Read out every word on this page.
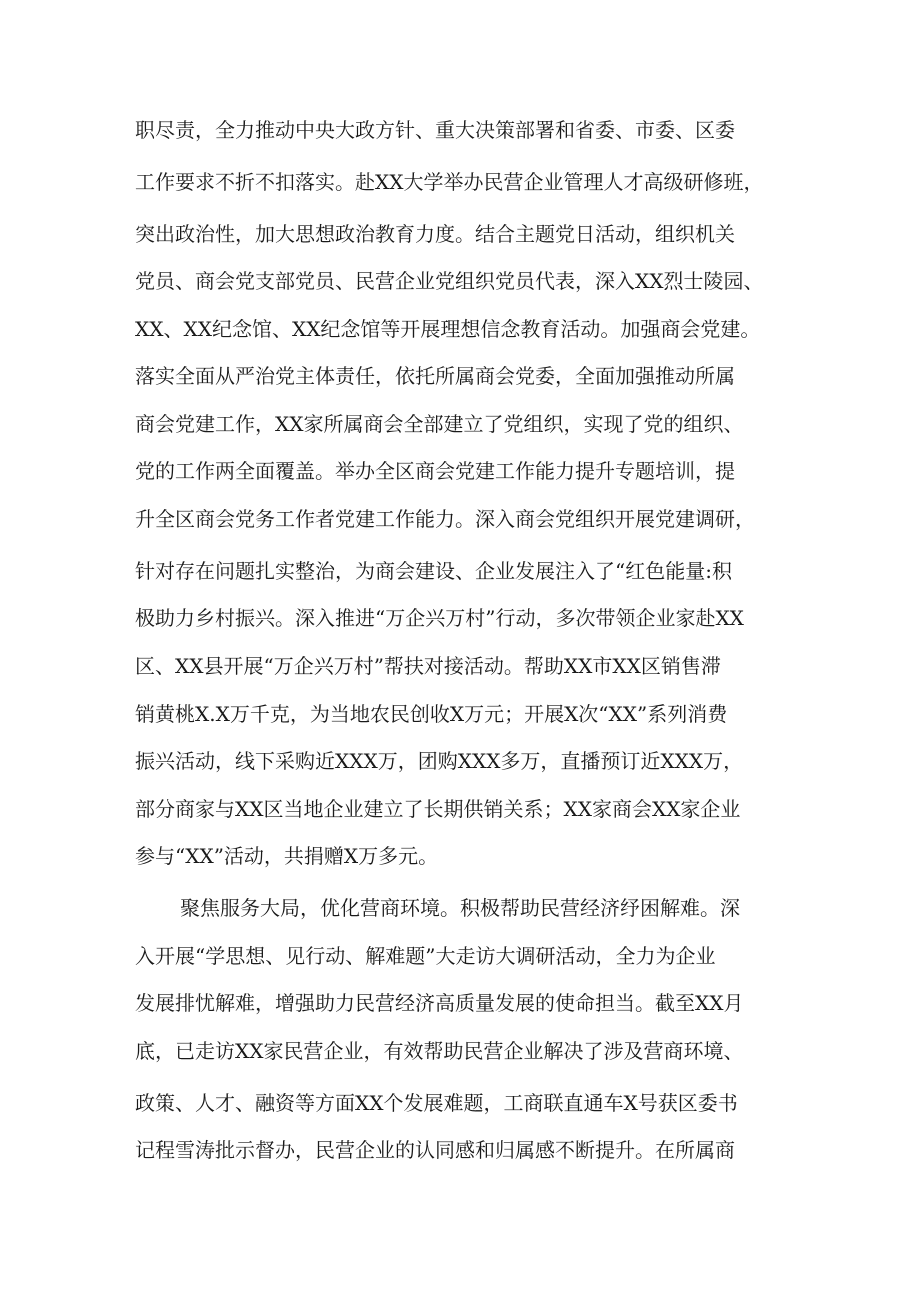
职尽责，全力推动中央大政方针、重大决策部署和省委、市委、区委
工作要求不折不扣落实。赴XX大学举办民营企业管理人才高级研修班，
突出政治性，加大思想政治教育力度。结合主题党日活动，组织机关
党员、商会党支部党员、民营企业党组织党员代表，深入XX烈士陵园、
XX、XX纪念馆、XX纪念馆等开展理想信念教育活动。加强商会党建。
落实全面从严治党主体责任，依托所属商会党委，全面加强推动所属
商会党建工作，XX家所属商会全部建立了党组织，实现了党的组织、
党的工作两全面覆盖。举办全区商会党建工作能力提升专题培训，提
升全区商会党务工作者党建工作能力。深入商会党组织开展党建调研，
针对存在问题扎实整治，为商会建设、企业发展注入了“红色能量:积
极助力乡村振兴。深入推进“万企兴万村”行动，多次带领企业家赴XX
区、XX县开展“万企兴万村”帮扶对接活动。帮助XX市XX区销售滞
销黄桃X.X万千克，为当地农民创收X万元；开展X次“XX”系列消费
振兴活动，线下采购近XXX万，团购XXX多万，直播预订近XXX万，
部分商家与XX区当地企业建立了长期供销关系；XX家商会XX家企业
参与“XX”活动，共捐赠X万多元。
聚焦服务大局，优化营商环境。积极帮助民营经济纾困解难。深
入开展“学思想、见行动、解难题”大走访大调研活动，全力为企业
发展排忧解难，增强助力民营经济高质量发展的使命担当。截至XX月
底，已走访XX家民营企业，有效帮助民营企业解决了涉及营商环境、
政策、人才、融资等方面XX个发展难题，工商联直通车X号获区委书
记程雪涛批示督办，民营企业的认同感和归属感不断提升。在所属商
